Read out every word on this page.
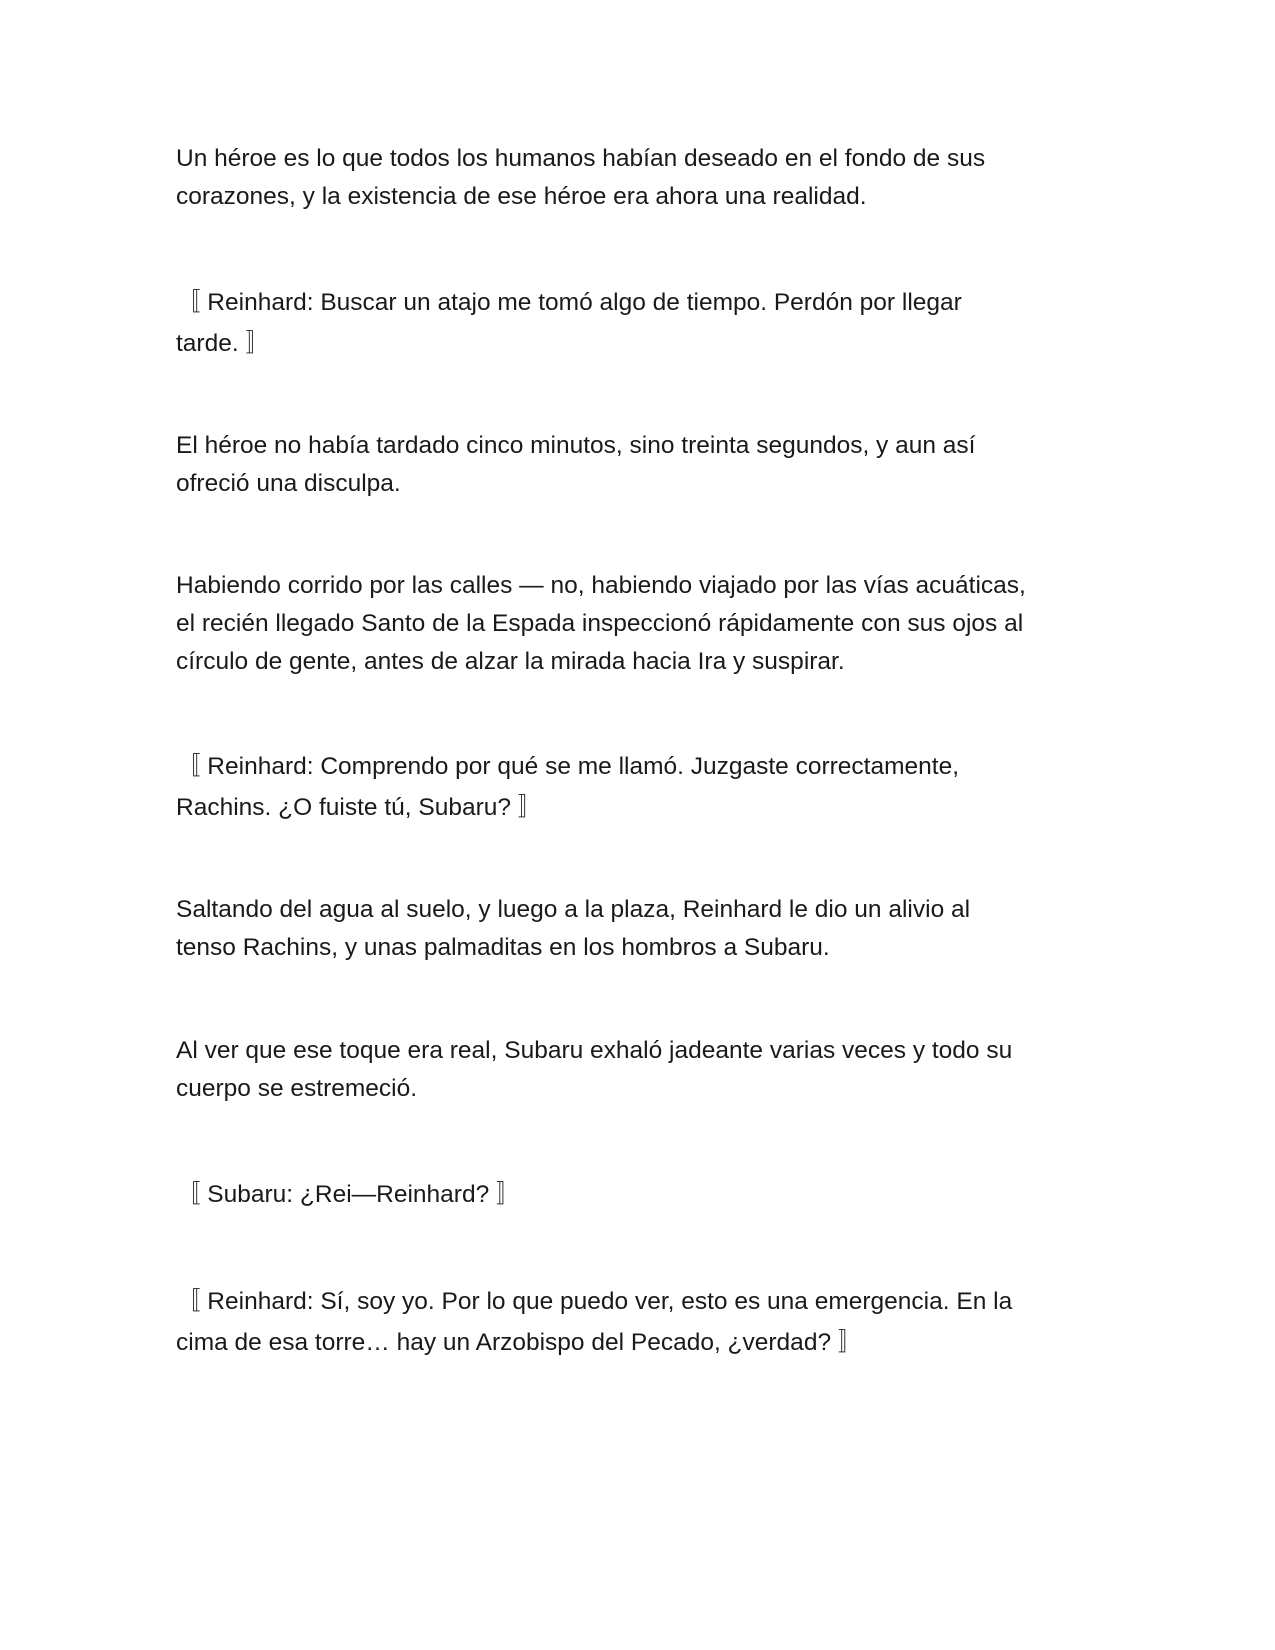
Un héroe es lo que todos los humanos habían deseado en el fondo de sus
corazones, y la existencia de ese héroe era ahora una realidad.

〚 Reinhard: Buscar un atajo me tomó algo de tiempo. Perdón por llegar
tarde. 〛

El héroe no había tardado cinco minutos, sino treinta segundos, y aun así
ofreció una disculpa.

Habiendo corrido por las calles — no, habiendo viajado por las vías acuáticas,
el recién llegado Santo de la Espada inspeccionó rápidamente con sus ojos al
círculo de gente, antes de alzar la mirada hacia Ira y suspirar.

〚 Reinhard: Comprendo por qué se me llamó. Juzgaste correctamente,
Rachins. ¿O fuiste tú, Subaru? 〛

Saltando del agua al suelo, y luego a la plaza, Reinhard le dio un alivio al
tenso Rachins, y unas palmaditas en los hombros a Subaru.

Al ver que ese toque era real, Subaru exhaló jadeante varias veces y todo su
cuerpo se estremeció.

〚 Subaru: ¿Rei—Reinhard? 〛

〚 Reinhard: Sí, soy yo. Por lo que puedo ver, esto es una emergencia. En la
cima de esa torre… hay un Arzobispo del Pecado, ¿verdad? 〛
